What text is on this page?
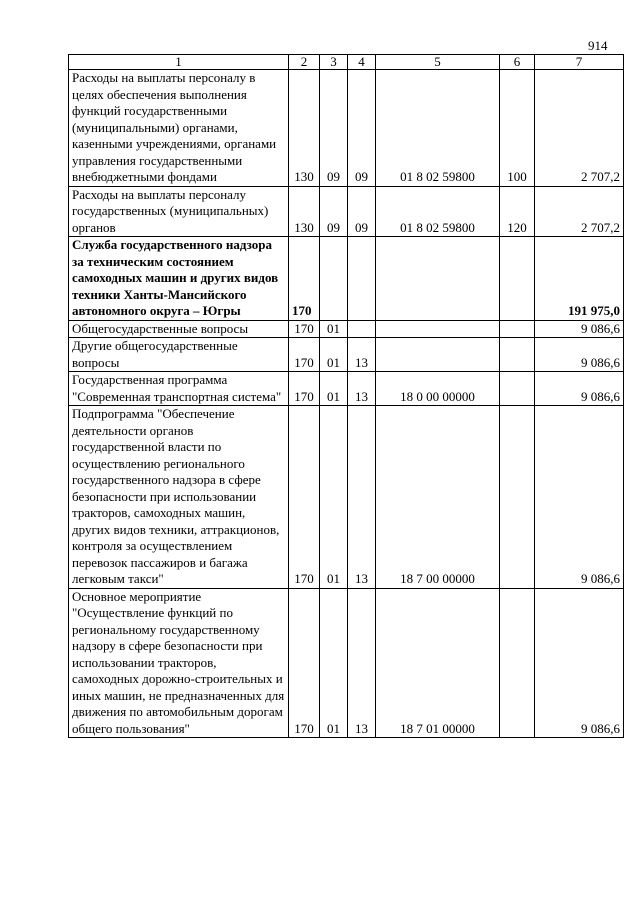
914
1	2	3	4	5	6	7
Расходы на выплаты персоналу в целях обеспечения выполнения функций государственными (муниципальными) органами, казенными учреждениями, органами управления государственными внебюджетными фондами	130	09	09	01 8 02 59800	100	2 707,2
Расходы на выплаты персоналу государственных (муниципальных) органов	130	09	09	01 8 02 59800	120	2 707,2
Служба государственного надзора за техническим состоянием самоходных машин и других видов техники Ханты-Мансийского автономного округа – Югры	170					191 975,0
Общегосударственные вопросы	170	01				9 086,6
Другие общегосударственные вопросы	170	01	13			9 086,6
Государственная программа "Современная транспортная система"	170	01	13	18 0 00 00000		9 086,6
Подпрограмма "Обеспечение деятельности органов государственной власти по осуществлению регионального государственного надзора в сфере безопасности при использовании тракторов, самоходных машин, других видов техники, аттракционов, контроля за осуществлением перевозок пассажиров и багажа легковым такси"	170	01	13	18 7 00 00000		9 086,6
Основное мероприятие "Осуществление функций по региональному государственному надзору в сфере безопасности при использовании тракторов, самоходных дорожно-строительных и иных машин, не предназначенных для движения по автомобильным дорогам общего пользования"	170	01	13	18 7 01 00000		9 086,6
